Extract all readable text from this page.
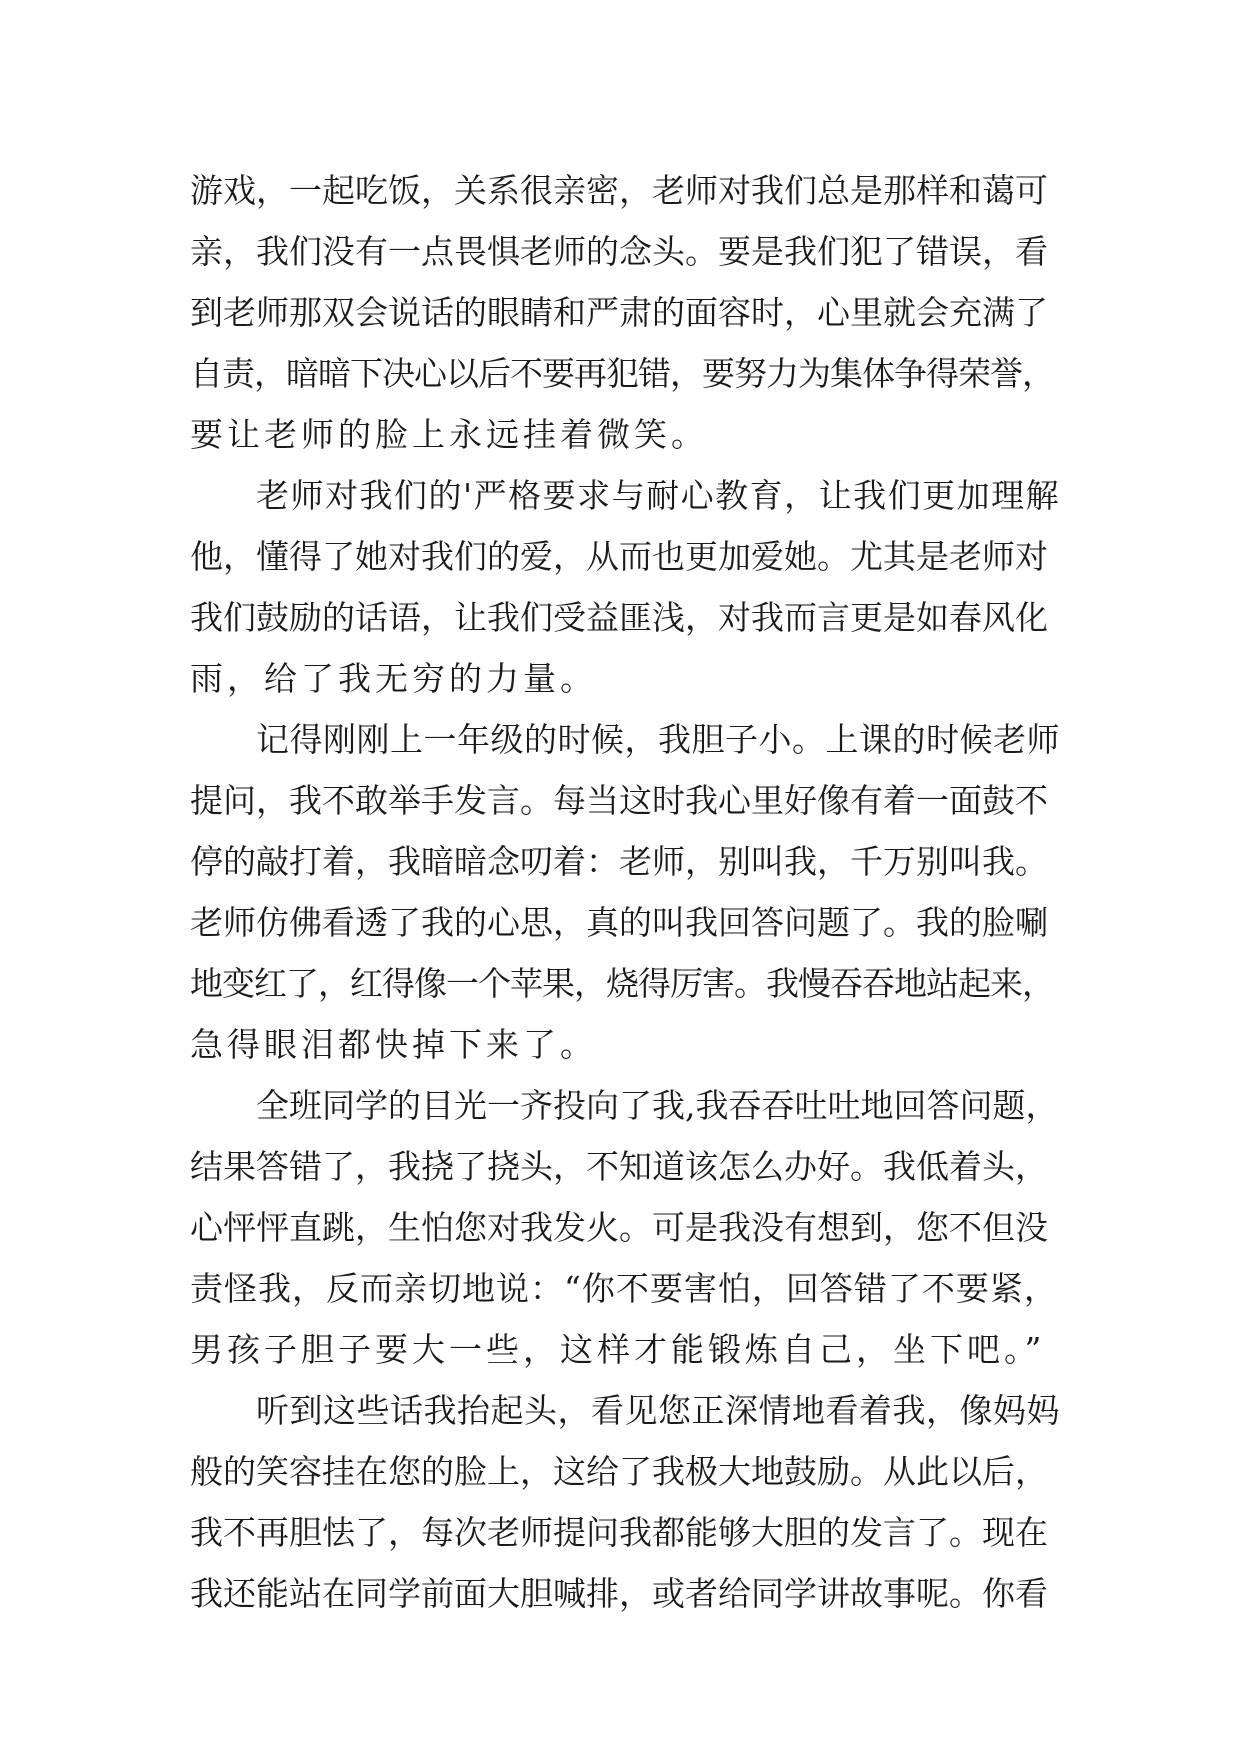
游戏，一起吃饭，关系很亲密，老师对我们总是那样和蔼可
亲，我们没有一点畏惧老师的念头。要是我们犯了错误，看
到老师那双会说话的眼睛和严肃的面容时，心里就会充满了
自责，暗暗下决心以后不要再犯错，要努力为集体争得荣誉，
要让老师的脸上永远挂着微笑。
老师对我们的'严格要求与耐心教育，让我们更加理解
他，懂得了她对我们的爱，从而也更加爱她。尤其是老师对
我们鼓励的话语，让我们受益匪浅，对我而言更是如春风化
雨，给了我无穷的力量。
记得刚刚上一年级的时候，我胆子小。上课的时候老师
提问，我不敢举手发言。每当这时我心里好像有着一面鼓不
停的敲打着，我暗暗念叨着：老师，别叫我，千万别叫我。
老师仿佛看透了我的心思，真的叫我回答问题了。我的脸唰
地变红了，红得像一个苹果，烧得厉害。我慢吞吞地站起来，
急得眼泪都快掉下来了。
全班同学的目光一齐投向了我,我吞吞吐吐地回答问题，
结果答错了，我挠了挠头，不知道该怎么办好。我低着头，
心怦怦直跳，生怕您对我发火。可是我没有想到，您不但没
责怪我，反而亲切地说：“你不要害怕，回答错了不要紧，
男孩子胆子要大一些，这样才能锻炼自己，坐下吧。”
听到这些话我抬起头，看见您正深情地看着我，像妈妈
般的笑容挂在您的脸上，这给了我极大地鼓励。从此以后，
我不再胆怯了，每次老师提问我都能够大胆的发言了。现在
我还能站在同学前面大胆喊排，或者给同学讲故事呢。你看
